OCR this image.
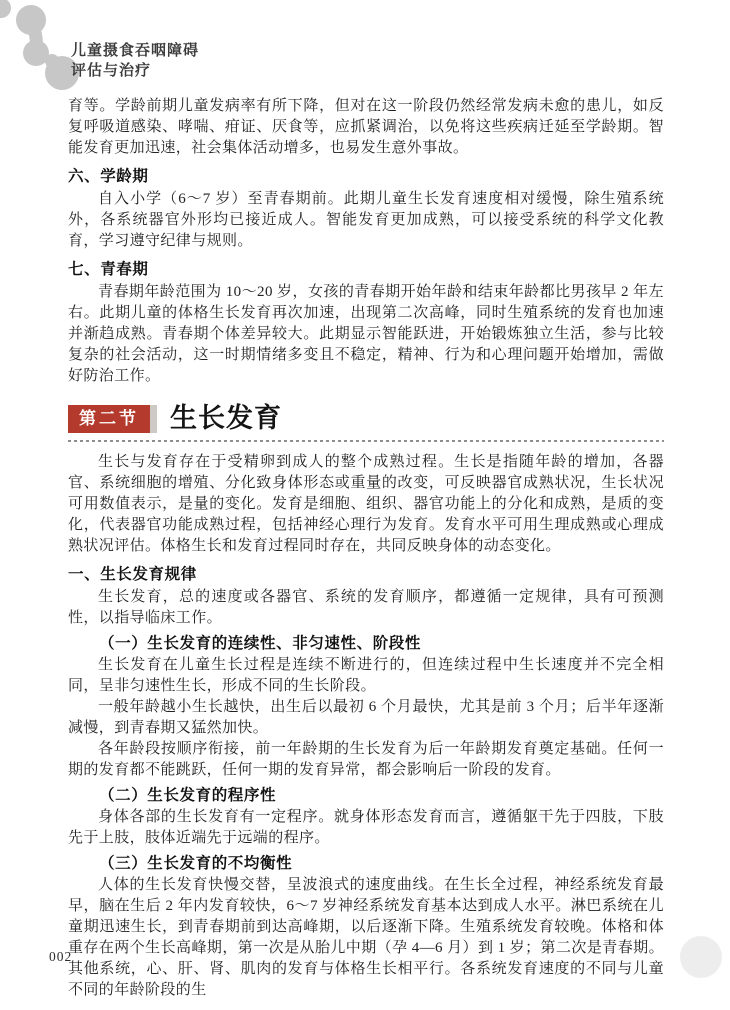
儿童摄食吞咽障碍
评估与治疗
育等。学龄前期儿童发病率有所下降，但对在这一阶段仍然经常发病未愈的患儿，如反复呼吸道感染、哮喘、疳证、厌食等，应抓紧调治，以免将这些疾病迁延至学龄期。智能发育更加迅速，社会集体活动增多，也易发生意外事故。
六、学龄期
自入小学（6～7 岁）至青春期前。此期儿童生长发育速度相对缓慢，除生殖系统外，各系统器官外形均已接近成人。智能发育更加成熟，可以接受系统的科学文化教育，学习遵守纪律与规则。
七、青春期
青春期年龄范围为 10～20 岁，女孩的青春期开始年龄和结束年龄都比男孩早 2 年左右。此期儿童的体格生长发育再次加速，出现第二次高峰，同时生殖系统的发育也加速并渐趋成熟。青春期个体差异较大。此期显示智能跃进，开始锻炼独立生活，参与比较复杂的社会活动，这一时期情绪多变且不稳定，精神、行为和心理问题开始增加，需做好防治工作。
第二节	生长发育
生长与发育存在于受精卵到成人的整个成熟过程。生长是指随年龄的增加，各器官、系统细胞的增殖、分化致身体形态或重量的改变，可反映器官成熟状况，生长状况可用数值表示，是量的变化。发育是细胞、组织、器官功能上的分化和成熟，是质的变化，代表器官功能成熟过程，包括神经心理行为发育。发育水平可用生理成熟或心理成熟状况评估。体格生长和发育过程同时存在，共同反映身体的动态变化。
一、生长发育规律
生长发育，总的速度或各器官、系统的发育顺序，都遵循一定规律，具有可预测性，以指导临床工作。
（一）生长发育的连续性、非匀速性、阶段性
生长发育在儿童生长过程是连续不断进行的，但连续过程中生长速度并不完全相同，呈非匀速性生长，形成不同的生长阶段。
一般年龄越小生长越快，出生后以最初 6 个月最快，尤其是前 3 个月；后半年逐渐减慢，到青春期又猛然加快。
各年龄段按顺序衔接，前一年龄期的生长发育为后一年龄期发育奠定基础。任何一期的发育都不能跳跃，任何一期的发育异常，都会影响后一阶段的发育。
（二）生长发育的程序性
身体各部的生长发育有一定程序。就身体形态发育而言，遵循躯干先于四肢，下肢先于上肢，肢体近端先于远端的程序。
（三）生长发育的不均衡性
人体的生长发育快慢交替，呈波浪式的速度曲线。在生长全过程，神经系统发育最早，脑在生后 2 年内发育较快，6～7 岁神经系统发育基本达到成人水平。淋巴系统在儿童期迅速生长，到青春期前到达高峰期，以后逐渐下降。生殖系统发育较晚。体格和体重存在两个生长高峰期，第一次是从胎儿中期（孕 4—6 月）到 1 岁；第二次是青春期。其他系统，心、肝、肾、肌肉的发育与体格生长相平行。各系统发育速度的不同与儿童不同的年龄阶段的生
002
